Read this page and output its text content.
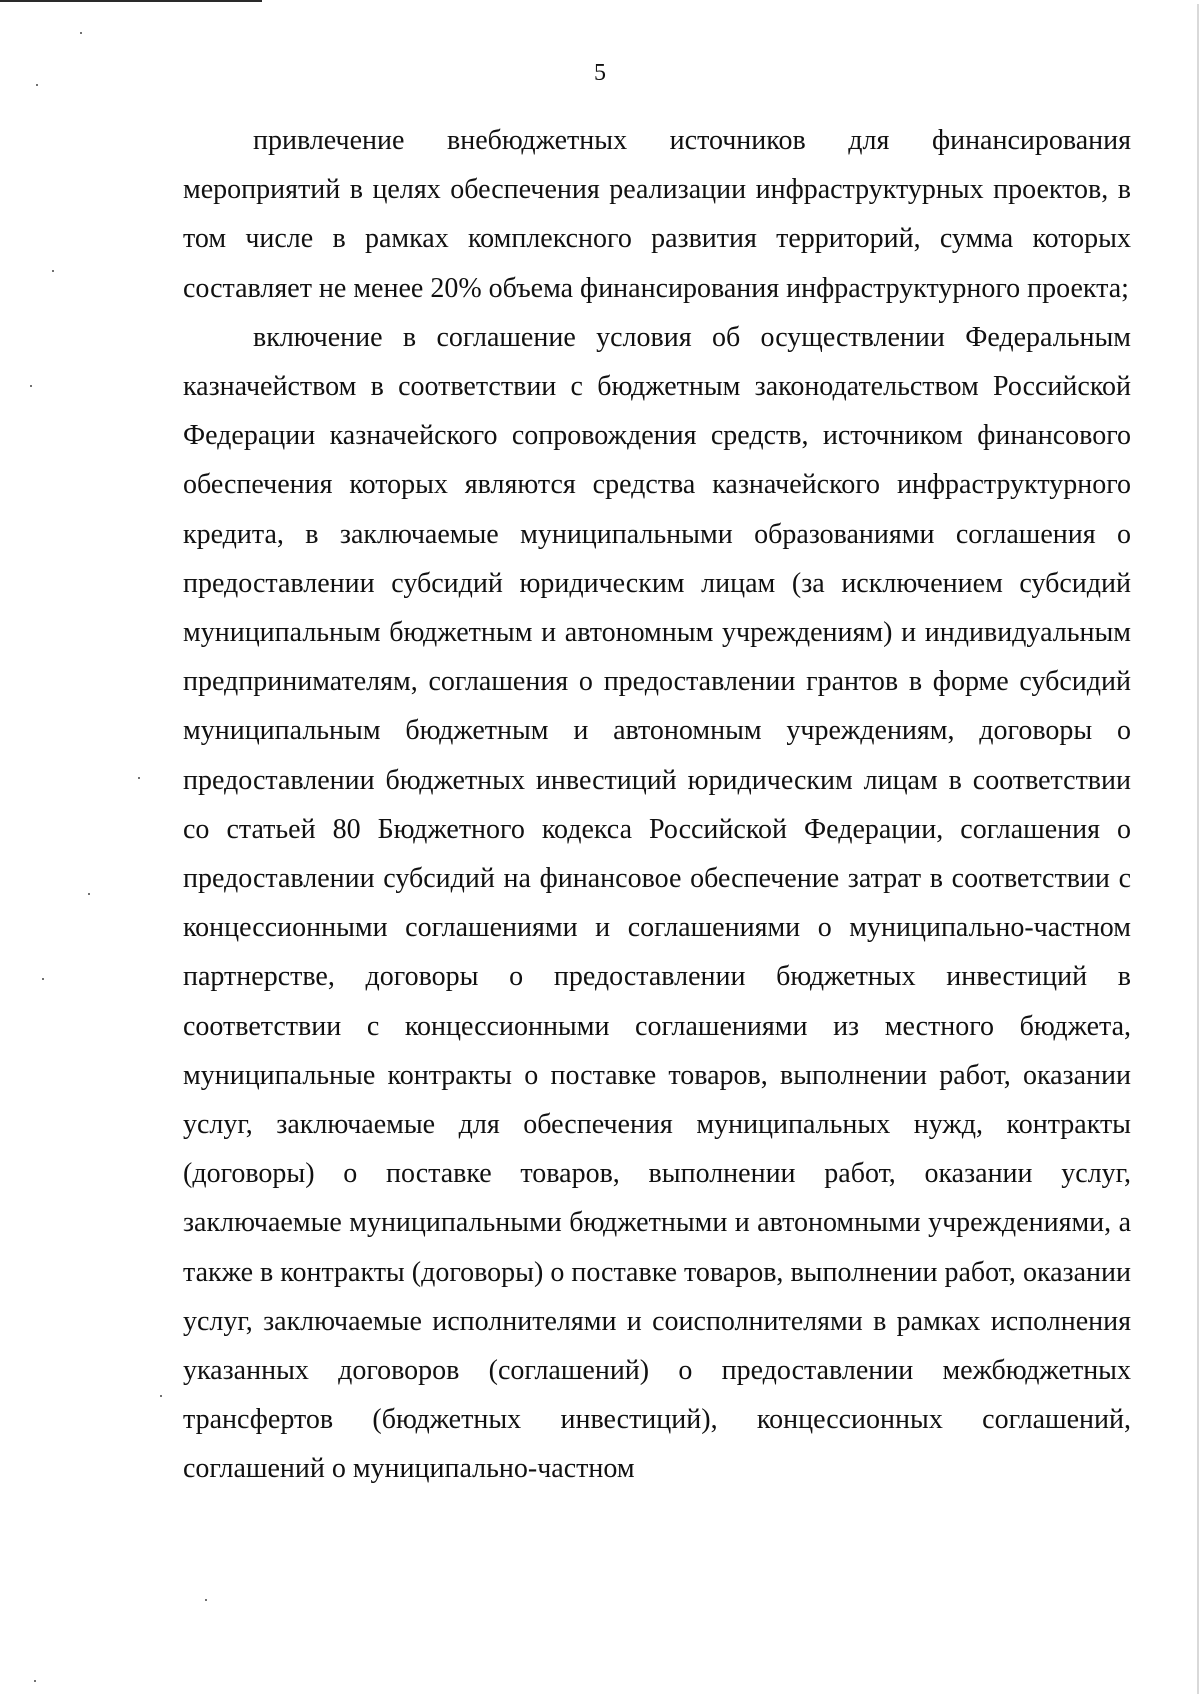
5

привлечение внебюджетных источников для финансирования мероприятий в целях обеспечения реализации инфраструктурных проектов, в том числе в рамках комплексного развития территорий, сумма которых составляет не менее 20% объема финансирования инфраструктурного проекта;

включение в соглашение условия об осуществлении Федеральным казначейством в соответствии с бюджетным законодательством Российской Федерации казначейского сопровождения средств, источником финансового обеспечения которых являются средства казначейского инфраструктурного кредита, в заключаемые муниципальными образованиями соглашения о предоставлении субсидий юридическим лицам (за исключением субсидий муниципальным бюджетным и автономным учреждениям) и индивидуальным предпринимателям, соглашения о предоставлении грантов в форме субсидий муниципальным бюджетным и автономным учреждениям, договоры о предоставлении бюджетных инвестиций юридическим лицам в соответствии со статьей 80 Бюджетного кодекса Российской Федерации, соглашения о предоставлении субсидий на финансовое обеспечение затрат в соответствии с концессионными соглашениями и соглашениями о муниципально-частном партнерстве, договоры о предоставлении бюджетных инвестиций в соответствии с концессионными соглашениями из местного бюджета, муниципальные контракты о поставке товаров, выполнении работ, оказании услуг, заключаемые для обеспечения муниципальных нужд, контракты (договоры) о поставке товаров, выполнении работ, оказании услуг, заключаемые муниципальными бюджетными и автономными учреждениями, а также в контракты (договоры) о поставке товаров, выполнении работ, оказании услуг, заключаемые исполнителями и соисполнителями в рамках исполнения указанных договоров (соглашений) о предоставлении межбюджетных трансфертов (бюджетных инвестиций), концессионных соглашений, соглашений о муниципально-частном
